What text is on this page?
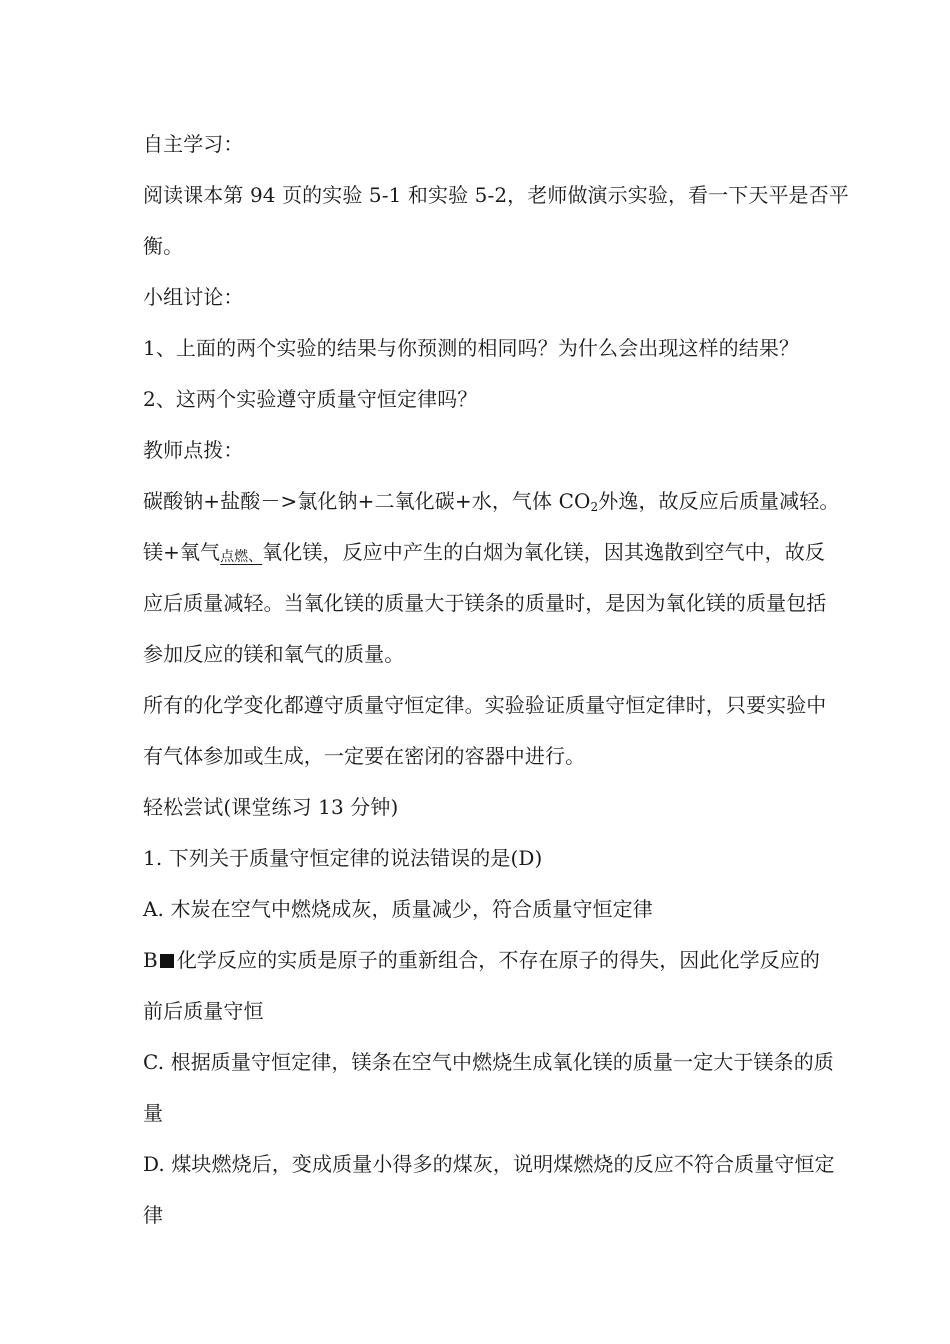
自主学习：
阅读课本第 94 页的实验 5-1 和实验 5-2，老师做演示实验，看一下天平是否平
衡。
小组讨论：
1、上面的两个实验的结果与你预测的相同吗？为什么会出现这样的结果？
2、这两个实验遵守质量守恒定律吗？
教师点拨：
碳酸钠+盐酸－>氯化钠+二氧化碳+水，气体 $CO_2$外逸，故反应后质量减轻。
镁+氧气点燃、氧化镁，反应中产生的白烟为氧化镁，因其逸散到空气中，故反
应后质量减轻。当氧化镁的质量大于镁条的质量时，是因为氧化镁的质量包括
参加反应的镁和氧气的质量。
所有的化学变化都遵守质量守恒定律。实验验证质量守恒定律时，只要实验中
有气体参加或生成，一定要在密闭的容器中进行。
轻松尝试(课堂练习 13 分钟)
1. 下列关于质量守恒定律的说法错误的是(D)
A. 木炭在空气中燃烧成灰，质量减少，符合质量守恒定律
B 化学反应的实质是原子的重新组合，不存在原子的得失，因此化学反应的
前后质量守恒
C. 根据质量守恒定律，镁条在空气中燃烧生成氧化镁的质量一定大于镁条的质
量
D. 煤块燃烧后，变成质量小得多的煤灰，说明煤燃烧的反应不符合质量守恒定
律
